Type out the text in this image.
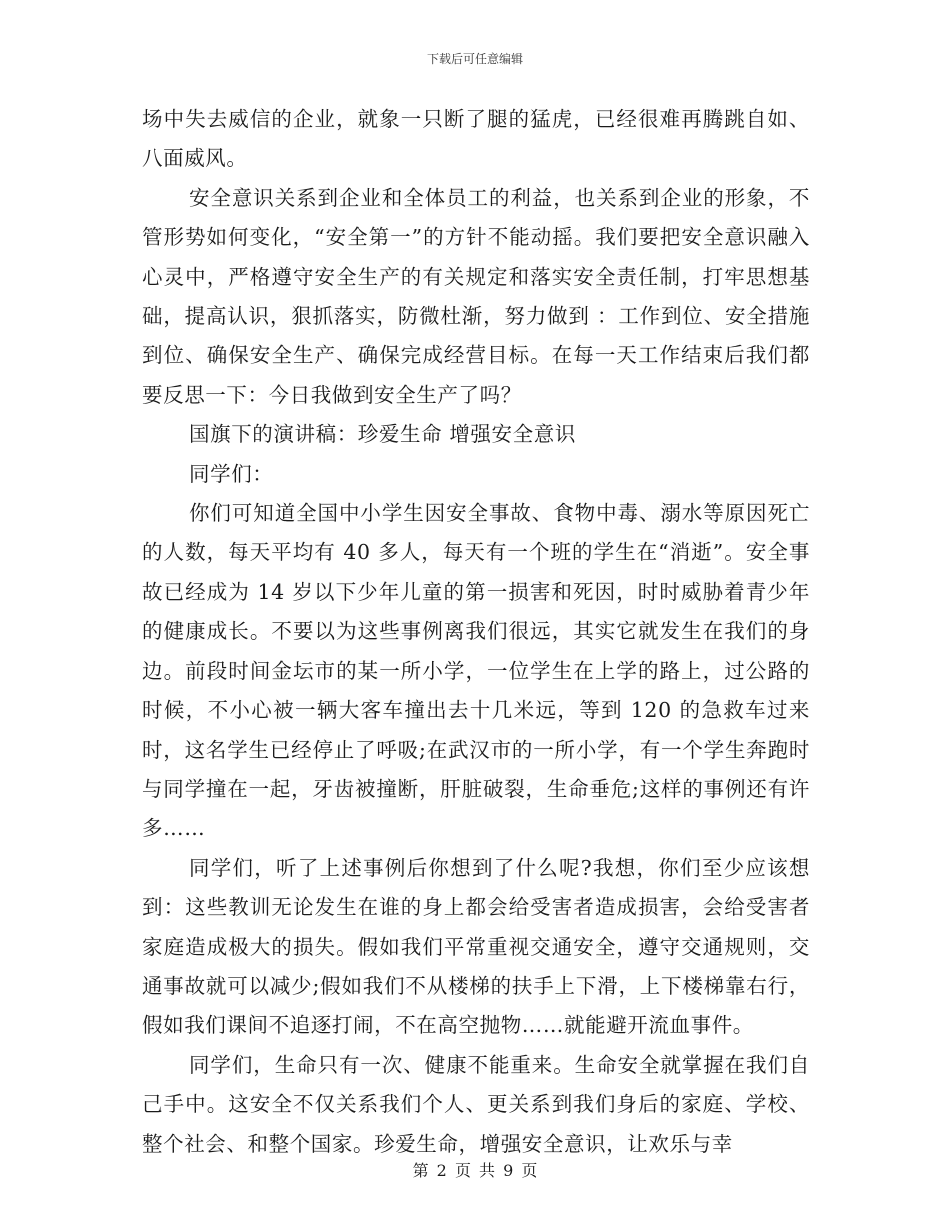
下载后可任意编辑

场中失去威信的企业，就象一只断了腿的猛虎，已经很难再腾跳自如、八面威风。

安全意识关系到企业和全体员工的利益，也关系到企业的形象，不管形势如何变化，“安全第一”的方针不能动摇。我们要把安全意识融入心灵中，严格遵守安全生产的有关规定和落实安全责任制，打牢思想基础，提高认识，狠抓落实，防微杜渐，努力做到 ：工作到位、安全措施到位、确保安全生产、确保完成经营目标。在每一天工作结束后我们都要反思一下：今日我做到安全生产了吗？

国旗下的演讲稿：珍爱生命 增强安全意识

同学们：

你们可知道全国中小学生因安全事故、食物中毒、溺水等原因死亡的人数，每天平均有 40 多人，每天有一个班的学生在“消逝”。安全事故已经成为 14 岁以下少年儿童的第一损害和死因，时时威胁着青少年的健康成长。不要以为这些事例离我们很远，其实它就发生在我们的身边。前段时间金坛市的某一所小学，一位学生在上学的路上，过公路的时候，不小心被一辆大客车撞出去十几米远，等到 120 的急救车过来时，这名学生已经停止了呼吸;在武汉市的一所小学，有一个学生奔跑时与同学撞在一起，牙齿被撞断，肝脏破裂，生命垂危;这样的事例还有许多……

同学们，听了上述事例后你想到了什么呢?我想，你们至少应该想到：这些教训无论发生在谁的身上都会给受害者造成损害，会给受害者家庭造成极大的损失。假如我们平常重视交通安全，遵守交通规则，交通事故就可以减少;假如我们不从楼梯的扶手上下滑，上下楼梯靠右行，假如我们课间不追逐打闹，不在高空抛物……就能避开流血事件。

同学们，生命只有一次、健康不能重来。生命安全就掌握在我们自己手中。这安全不仅关系我们个人、更关系到我们身后的家庭、学校、整个社会、和整个国家。珍爱生命，增强安全意识，让欢乐与幸

第 2 页 共 9 页
